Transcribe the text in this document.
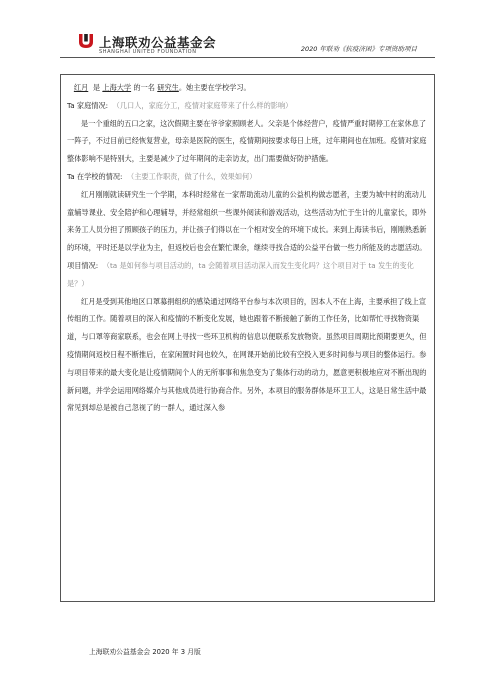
上海联劝公益基金会
SHANGHAI UNITED FOUNDATION	2020 年联劝《抗疫济困》专项资助项目

红月 是 上海大学 的一名 研究生。她主要在学校学习。

Ta 家庭情况: （几口人，家庭分工，疫情对家庭带来了什么样的影响）

是一个重组的五口之家，这次假期主要在爷爷家照顾老人。父亲是个体经营户，疫情严重时期停工在家休息了一阵子，不过目前已经恢复营业，母亲是医院的医生，疫情期间按要求每日上班，过年期间也在加班。疫情对家庭整体影响不是特别大，主要是减少了过年期间的走亲访友，出门需要做好防护措施。

Ta 在学校的情况: （主要工作职责，做了什么，效果如何）

红月刚刚就读研究生一个学期，本科时经常在一家帮助流动儿童的公益机构做志愿者，主要为城中村的流动儿童辅导课业、安全陪护和心理辅导，并经常组织一些课外阅读和游戏活动，这些活动为忙于生计的儿童家长，即外来务工人员分担了照顾孩子的压力，并让孩子们得以在一个相对安全的环境下成长。来到上海读书后，刚刚熟悉新的环境，平时还是以学业为主，但返校后也会在繁忙课余，继续寻找合适的公益平台做一些力所能及的志愿活动。

项目情况: （ta 是如何参与项目活动的，ta 会随着项目活动深入而发生变化吗？这个项目对于 ta 发生的变化是？）

红月是受到其他地区口罩募捐组织的感染通过网络平台参与本次项目的，因本人不在上海，主要承担了线上宣传组的工作。随着项目的深入和疫情的不断变化发展，她也跟着不断接触了新的工作任务，比如帮忙寻找物资渠道，与口罩等商家联系，也会在网上寻找一些环卫机构的信息以便联系发放物资。虽然项目周期比预期要更久，但疫情期间返校日程不断推后，在家闲置时间也较久，在网课开始前比较有空投入更多时间参与项目的整体运行。参与项目带来的最大变化是让疫情期间个人的无所事事和焦急变为了集体行动的动力，愿意更积极地应对不断出现的新问题，并学会运用网络媒介与其他成员进行协商合作。另外，本项目的服务群体是环卫工人，这是日常生活中最常见到却总是被自己忽视了的一群人，通过深入参

上海联劝公益基金会 2020 年 3 月版
